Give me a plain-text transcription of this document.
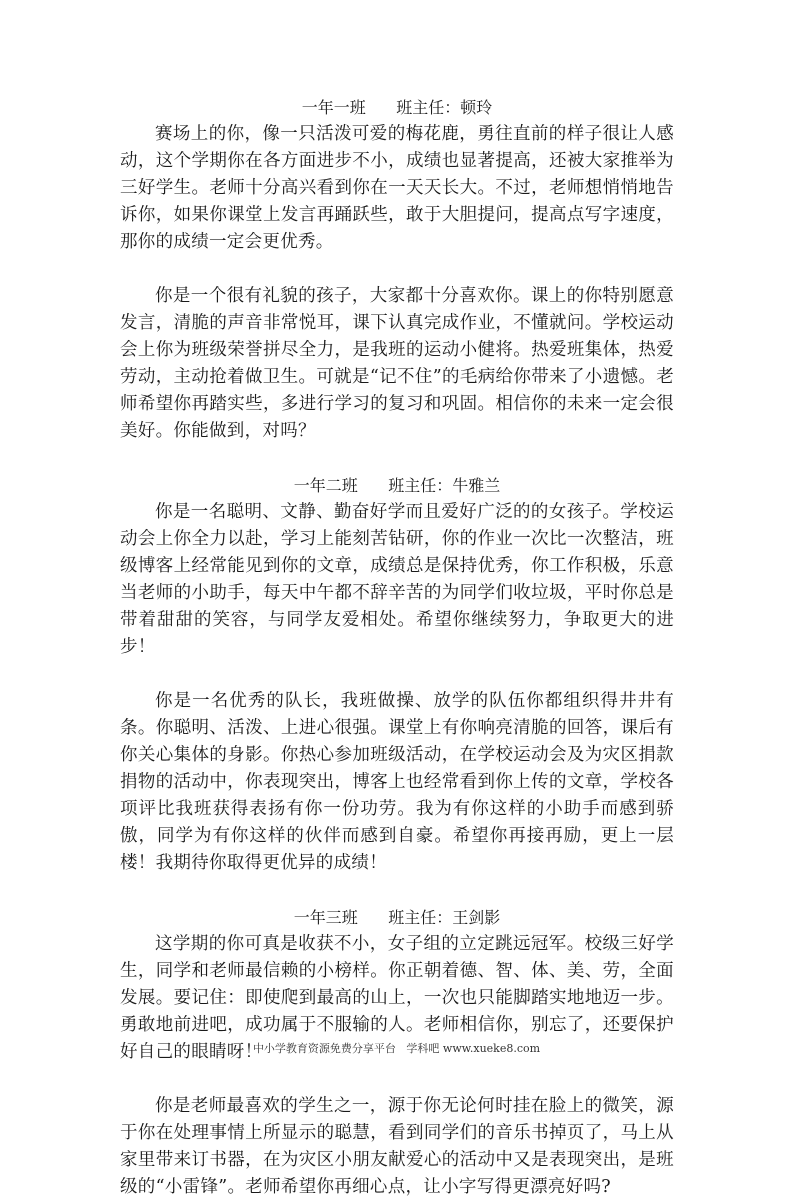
一年一班      班主任：顿玲

赛场上的你，像一只活泼可爱的梅花鹿，勇往直前的样子很让人感动，这个学期你在各方面进步不小，成绩也显著提高，还被大家推举为三好学生。老师十分高兴看到你在一天天长大。不过，老师想悄悄地告诉你，如果你课堂上发言再踊跃些，敢于大胆提问，提高点写字速度，那你的成绩一定会更优秀。

你是一个很有礼貌的孩子，大家都十分喜欢你。课上的你特别愿意发言，清脆的声音非常悦耳，课下认真完成作业，不懂就问。学校运动会上你为班级荣誉拼尽全力，是我班的运动小健将。热爱班集体，热爱劳动，主动抢着做卫生。可就是“记不住”的毛病给你带来了小遗憾。老师希望你再踏实些，多进行学习的复习和巩固。相信你的未来一定会很美好。你能做到，对吗？

一年二班      班主任：牛雅兰

你是一名聪明、文静、勤奋好学而且爱好广泛的的女孩子。学校运动会上你全力以赴，学习上能刻苦钻研，你的作业一次比一次整洁，班级博客上经常能见到你的文章，成绩总是保持优秀，你工作积极，乐意当老师的小助手，每天中午都不辞辛苦的为同学们收垃圾，平时你总是带着甜甜的笑容，与同学友爱相处。希望你继续努力，争取更大的进步！

你是一名优秀的队长，我班做操、放学的队伍你都组织得井井有条。你聪明、活泼、上进心很强。课堂上有你响亮清脆的回答，课后有你关心集体的身影。你热心参加班级活动，在学校运动会及为灾区捐款捐物的活动中，你表现突出，博客上也经常看到你上传的文章，学校各项评比我班获得表扬有你一份功劳。我为有你这样的小助手而感到骄傲，同学为有你这样的伙伴而感到自豪。希望你再接再励，更上一层楼！我期待你取得更优异的成绩！

一年三班      班主任：王剑影

这学期的你可真是收获不小，女子组的立定跳远冠军。校级三好学生，同学和老师最信赖的小榜样。你正朝着德、智、体、美、劳，全面发展。要记住：即使爬到最高的山上，一次也只能脚踏实地地迈一步。勇敢地前进吧，成功属于不服输的人。老师相信你，别忘了，还要保护好自己的眼睛呀！

你是老师最喜欢的学生之一，源于你无论何时挂在脸上的微笑，源于你在处理事情上所显示的聪慧，看到同学们的音乐书掉页了，马上从家里带来订书器，在为灾区小朋友献爱心的活动中又是表现突出，是班级的“小雷锋”。老师希望你再细心点，让小字写得更漂亮好吗?

中小学教育资源免费分享平台   学科吧 www.xueke8.com
